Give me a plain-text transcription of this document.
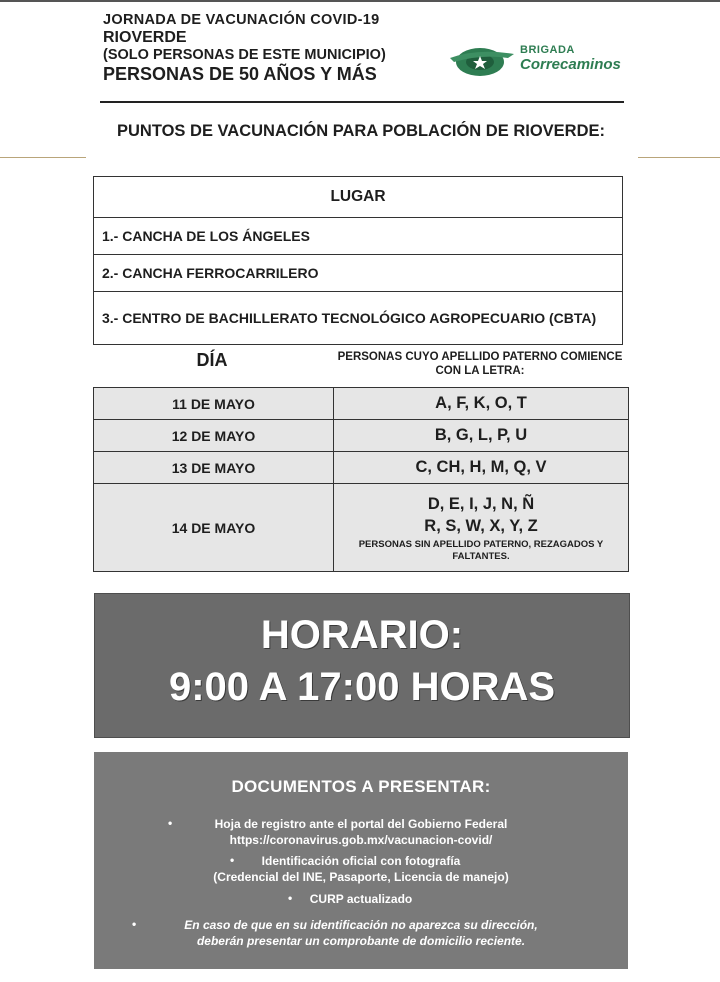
JORNADA DE VACUNACIÓN COVID-19
RIOVERDE
(SOLO PERSONAS DE ESTE MUNICIPIO)
PERSONAS DE 50 AÑOS Y MÁS
BRIGADA
Correcaminos
PUNTOS DE VACUNACIÓN PARA POBLACIÓN DE RIOVERDE:
LUGAR
1.- CANCHA DE LOS ÁNGELES
2.- CANCHA FERROCARRILERO
3.- CENTRO DE BACHILLERATO TECNOLÓGICO AGROPECUARIO (CBTA)
DÍA	PERSONAS CUYO APELLIDO PATERNO COMIENCE CON LA LETRA:
11 DE MAYO	A, F, K, O, T
12 DE MAYO	B, G, L, P, U
13 DE MAYO	C, CH, H, M, Q, V
14 DE MAYO	D, E, I, J, N, Ñ
R, S, W, X, Y, Z
PERSONAS SIN APELLIDO PATERNO, REZAGADOS Y FALTANTES.
HORARIO:
9:00 A 17:00 HORAS
DOCUMENTOS A PRESENTAR:
•	Hoja de registro ante el portal del Gobierno Federal
https://coronavirus.gob.mx/vacunacion-covid/
•	Identificación oficial con fotografía
(Credencial del INE, Pasaporte, Licencia de manejo)
•	CURP actualizado
•	En caso de que en su identificación no aparezca su dirección,
deberán presentar un comprobante de domicilio reciente.
